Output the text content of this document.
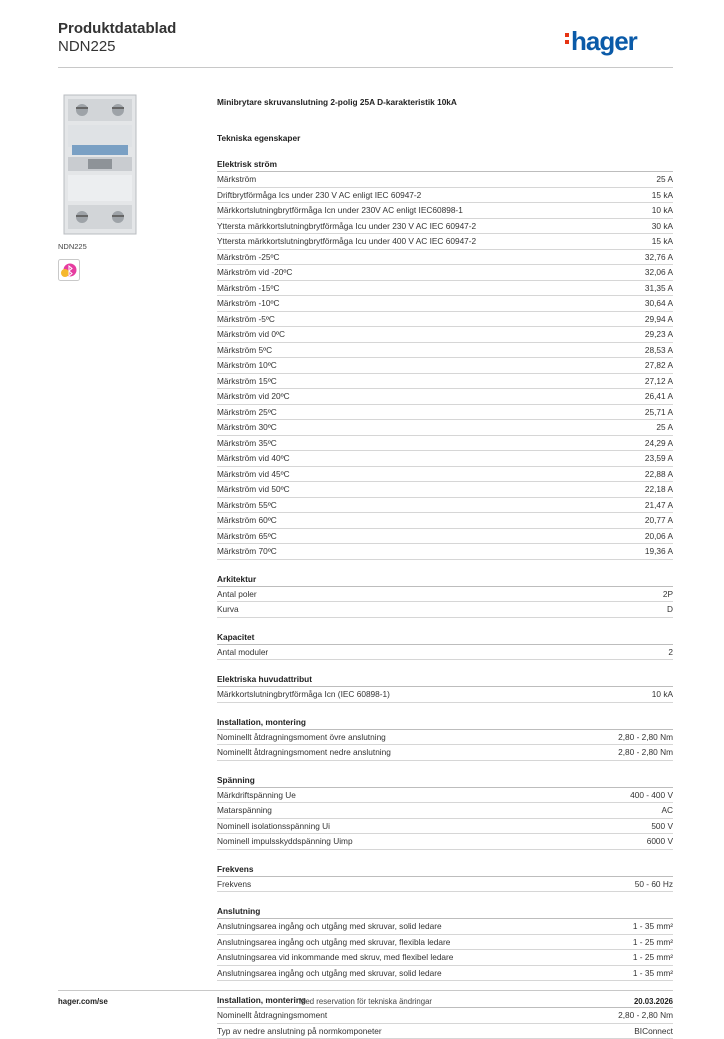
Produktdatablad
NDN225	hager
NDN225
Minibrytare skruvanslutning 2-polig 25A D-karakteristik 10kA
Tekniska egenskaper
Elektrisk ström
Märkström	25 A
Driftbrytförmåga Ics under 230 V AC enligt IEC 60947-2	15 kA
Märkkortslutningbrytförmåga Icn under 230V AC enligt IEC60898-1	10 kA
Yttersta märkkortslutningbrytförmåga Icu under 230 V AC IEC 60947-2	30 kA
Yttersta märkkortslutningbrytförmåga Icu under 400 V AC IEC 60947-2	15 kA
Märkström -25ºC	32,76 A
Märkström vid -20ºC	32,06 A
Märkström -15ºC	31,35 A
Märkström -10ºC	30,64 A
Märkström -5ºC	29,94 A
Märkström vid 0ºC	29,23 A
Märkström 5ºC	28,53 A
Märkström 10ºC	27,82 A
Märkström 15ºC	27,12 A
Märkström vid 20ºC	26,41 A
Märkström 25ºC	25,71 A
Märkström 30ºC	25 A
Märkström 35ºC	24,29 A
Märkström vid 40ºC	23,59 A
Märkström vid 45ºC	22,88 A
Märkström vid 50ºC	22,18 A
Märkström 55ºC	21,47 A
Märkström 60ºC	20,77 A
Märkström 65ºC	20,06 A
Märkström 70ºC	19,36 A
Arkitektur
Antal poler	2P
Kurva	D
Kapacitet
Antal moduler	2
Elektriska huvudattribut
Märkkortslutningbrytförmåga Icn (IEC 60898-1)	10 kA
Installation, montering
Nominellt åtdragningsmoment övre anslutning	2,80 - 2,80 Nm
Nominellt åtdragningsmoment nedre anslutning	2,80 - 2,80 Nm
Spänning
Märkdriftspänning Ue	400 - 400 V
Matarspänning	AC
Nominell isolationsspänning Ui	500 V
Nominell impulsskyddspänning Uimp	6000 V
Frekvens
Frekvens	50 - 60 Hz
Anslutning
Anslutningsarea ingång och utgång med skruvar, solid ledare	1 - 35 mm²
Anslutningsarea ingång och utgång med skruvar, flexibla ledare	1 - 25 mm²
Anslutningsarea vid inkommande med skruv, med flexibel ledare	1 - 25 mm²
Anslutningsarea ingång och utgång med skruvar, solid ledare	1 - 35 mm²
Installation, montering
Nominellt åtdragningsmoment	2,80 - 2,80 Nm
Typ av nedre anslutning på normkomponeter	BIConnect
hager.com/se	Med reservation för tekniska ändringar	20.03.2026
